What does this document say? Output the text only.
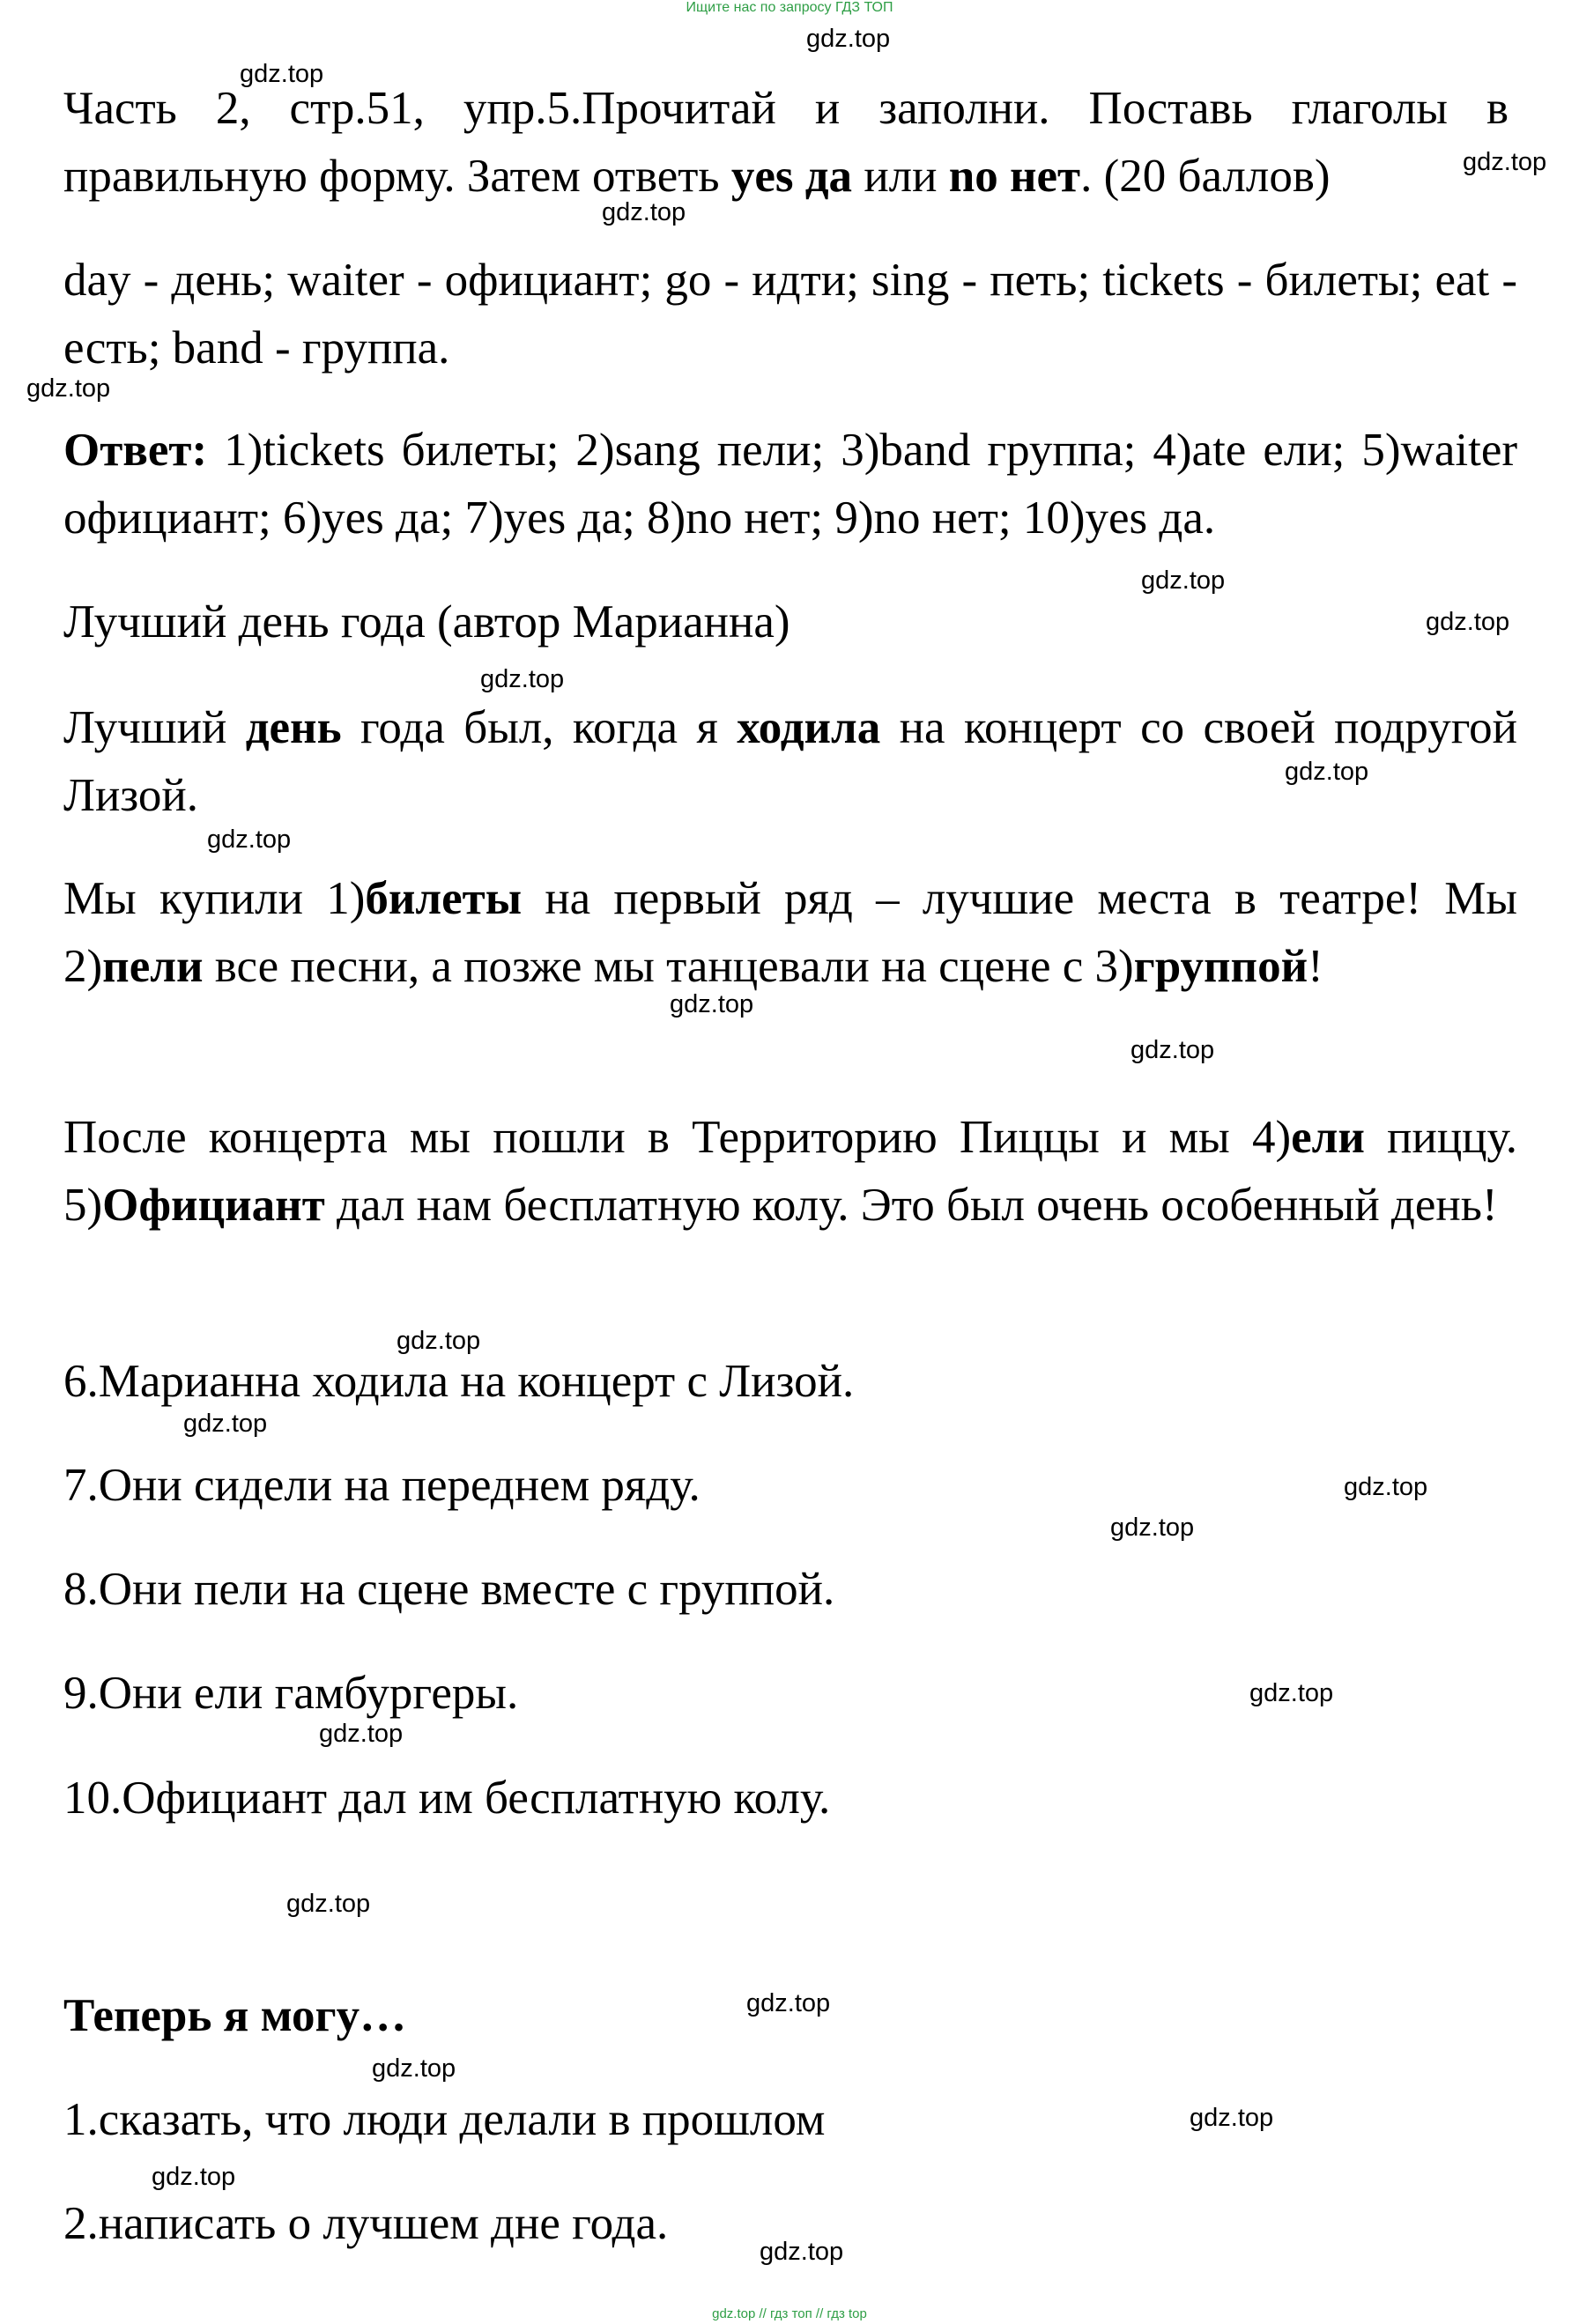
Ищите нас по запросу ГДЗ ТОП
gdz.top
gdz.top
gdz.top
gdz.top
gdz.top
gdz.top
gdz.top
gdz.top
gdz.top
gdz.top
gdz.top
gdz.top
gdz.top
gdz.top
gdz.top
gdz.top
gdz.top
gdz.top
gdz.top
gdz.top
gdz.top
gdz.top
gdz.top
gdz.top

Часть 2, стр.51, упр.5.Прочитай и заполни. Поставь глаголы в правильную форму. Затем ответь yes да или no нет. (20 баллов)

day - день; waiter - официант; go - идти; sing - петь; tickets - билеты; eat - есть; band - группа.

Ответ: 1)tickets билеты; 2)sang пели; 3)band группа; 4)ate ели; 5)waiter официант; 6)yes да; 7)yes да; 8)no нет; 9)no нет; 10)yes да.

Лучший день года (автор Марианна)

Лучший день года был, когда я ходила на концерт со своей подругой Лизой.

Мы купили 1)билеты на первый ряд – лучшие места в театре! Мы 2)пели все песни, а позже мы танцевали на сцене с 3)группой!

После концерта мы пошли в Территорию Пиццы и мы 4)ели пиццу. 5)Официант дал нам бесплатную колу. Это был очень особенный день!

6.Марианна ходила на концерт с Лизой.
7.Они сидели на переднем ряду.
8.Они пели на сцене вместе с группой.
9.Они ели гамбургеры.
10.Официант дал им бесплатную колу.
Теперь я могу…
1.сказать, что люди делали в прошлом
2.написать о лучшем дне года.
gdz.top // гдз топ // гдз top
